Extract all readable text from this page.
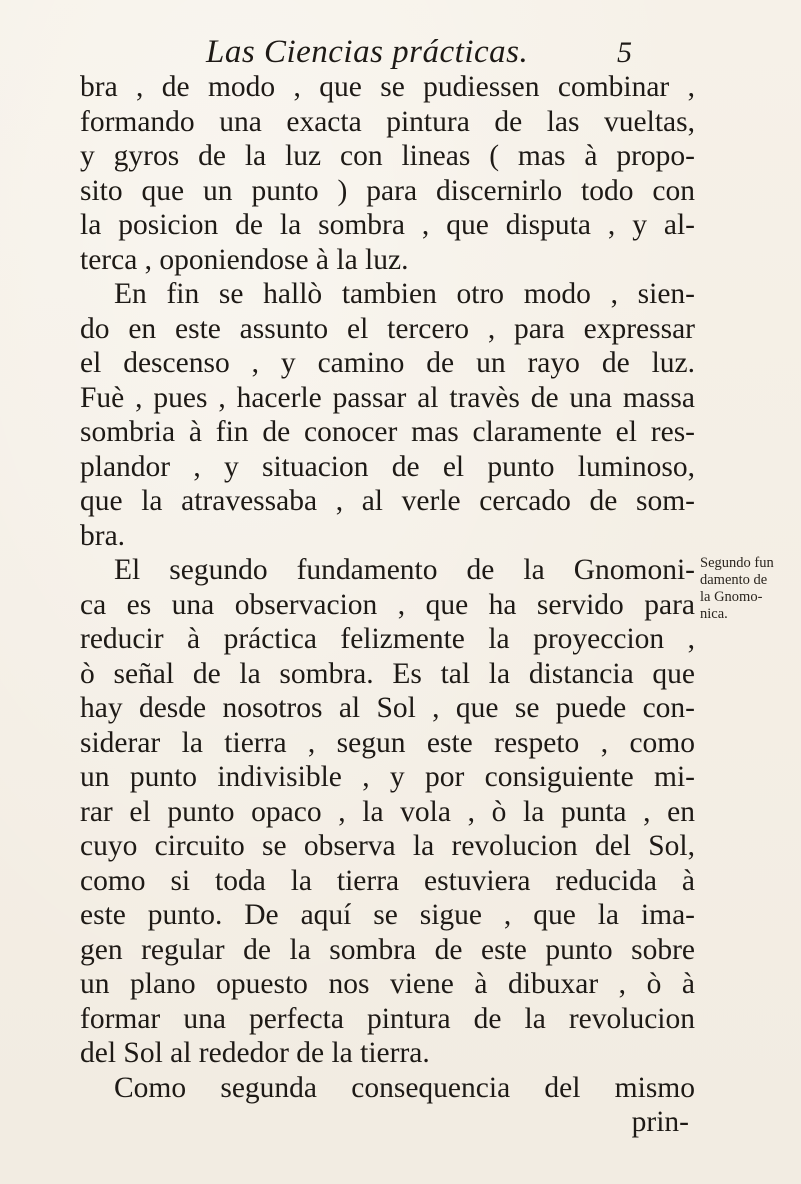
Las Ciencias prácticas.	5
bra , de modo , que se pudiessen combinar ,
formando una exacta pintura de las vueltas,
y gyros de la luz con lineas ( mas à propo-
sito que un punto ) para discernirlo todo con
la posicion de la sombra , que disputa , y al-
terca , oponiendose à la luz.
En fin se hallò tambien otro modo , sien-
do en este assunto el tercero , para expressar
el descenso , y camino de un rayo de luz.
Fuè , pues , hacerle passar al travès de una massa
sombria à fin de conocer mas claramente el res-
plandor , y situacion de el punto luminoso,
que la atravessaba , al verle cercado de som-
bra.
El segundo fundamento de la Gnomoni-
ca es una observacion , que ha servido para
reducir à práctica felizmente la proyeccion ,
ò señal de la sombra. Es tal la distancia que
hay desde nosotros al Sol , que se puede con-
siderar la tierra , segun este respeto , como
un punto indivisible , y por consiguiente mi-
rar el punto opaco , la vola , ò la punta , en
cuyo circuito se observa la revolucion del Sol,
como si toda la tierra estuviera reducida à
este punto. De aquí se sigue , que la ima-
gen regular de la sombra de este punto sobre
un plano opuesto nos viene à dibuxar , ò à
formar una perfecta pintura de la revolucion
del Sol al rededor de la tierra.
Como segunda consequencia del mismo
prin-
Segundo fun
damento de
la Gnomo-
nica.
